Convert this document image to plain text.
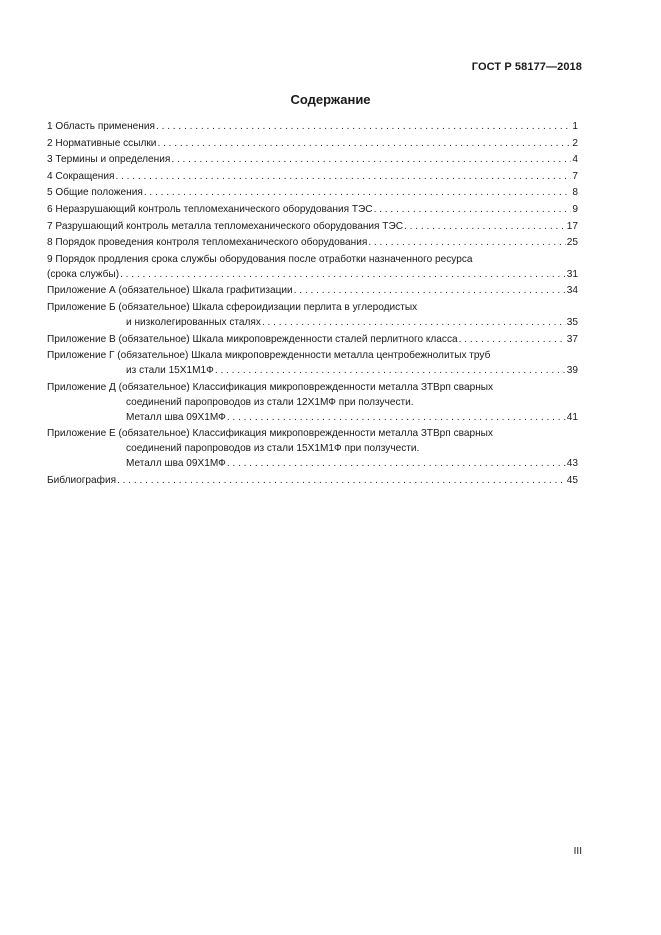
ГОСТ Р 58177—2018
Содержание
1 Область применения . . .	1
2 Нормативные ссылки . . .	2
3 Термины и определения . . .	4
4 Сокращения . . .	7
5 Общие положения . . .	8
6 Неразрушающий контроль тепломеханического оборудования ТЭС . . .	9
7 Разрушающий контроль металла тепломеханического оборудования ТЭС . . .	17
8 Порядок проведения контроля тепломеханического оборудования . . .	25
9 Порядок продления срока службы оборудования после отработки назначенного ресурса
(срока службы) . . .	31
Приложение А (обязательное) Шкала графитизации . . .	34
Приложение Б (обязательное) Шкала сфероидизации перлита в углеродистых
и низколегированных сталях . . .	35
Приложение В (обязательное) Шкала микроповрежденности сталей перлитного класса . . .	37
Приложение Г (обязательное) Шкала микроповрежденности металла центробежнолитых труб
из стали 15Х1М1Ф . . .	39
Приложение Д (обязательное) Классификация микроповрежденности металла ЗТВрп сварных
соединений паропроводов из стали 12Х1МФ при ползучести.
Металл шва 09Х1МФ . . .	41
Приложение Е (обязательное) Классификация микроповрежденности металла ЗТВрп сварных
соединений паропроводов из стали 15Х1М1Ф при ползучести.
Металл шва 09Х1МФ . . .	43
Библиография . . .	45
III
